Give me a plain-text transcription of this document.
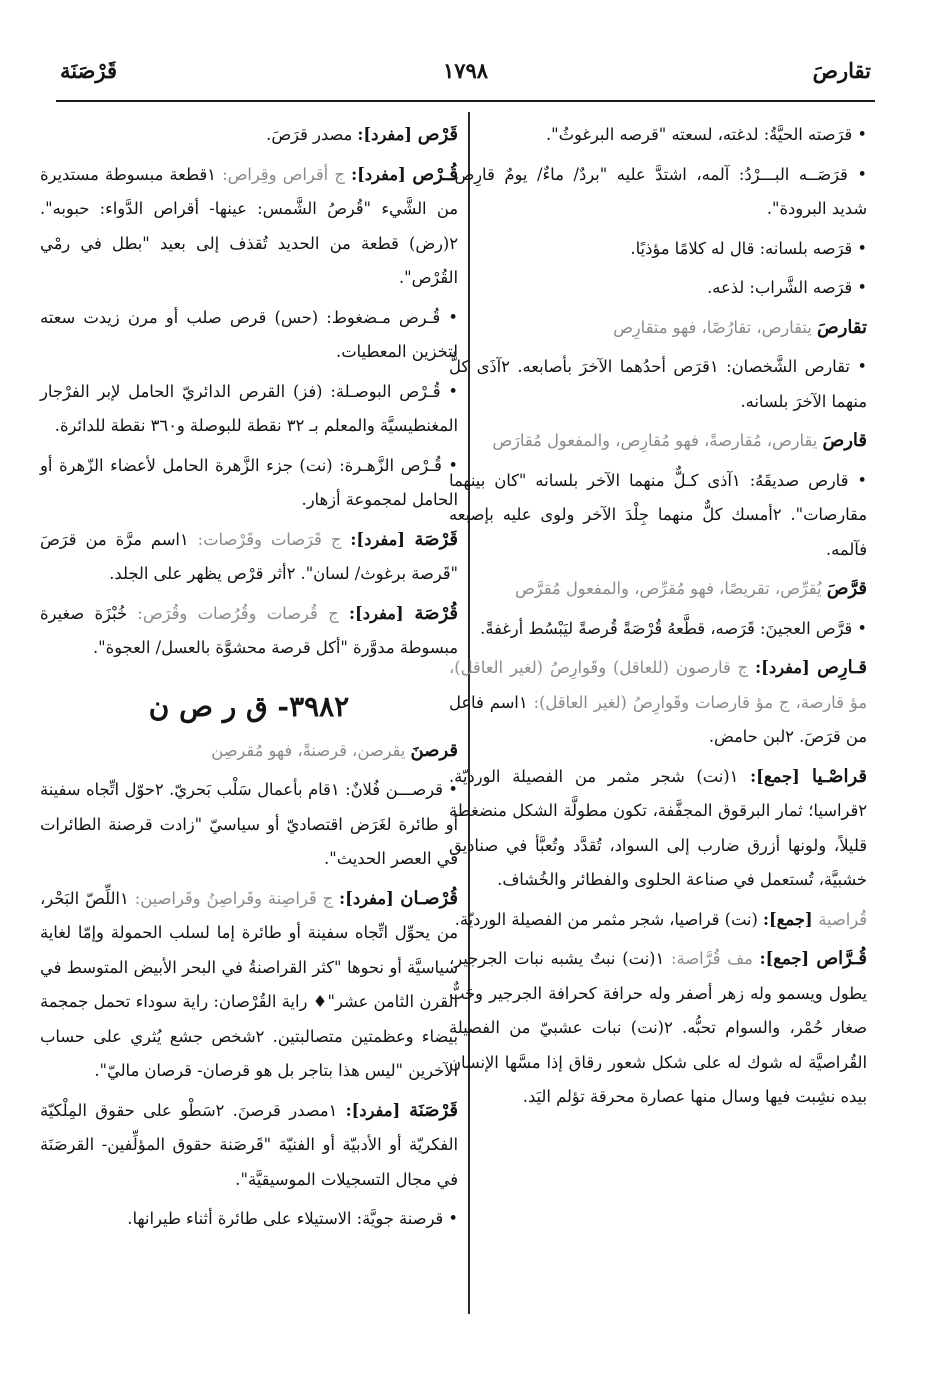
تقارصَ
١٧٩٨
قَرْصَنَة

• قرَصته الحيَّةُ: لدغته، لسعته "قرصه البرغوثُ".

• قرَصَــه البـــرْدُ: آلمه، اشتدَّ عليه "بردٌ/ ماءٌ/ يومٌ قارِص: شديد البرودة".

• قرَصه بلسانه: قال له كلامًا مؤذيًا.

• قرَصه الشَّراب: لذعه.

تقارصَ يتقارص، تقارُصًا، فهو متقارِص

• تقارص الشَّخصان: ١قرَص أحدُهما الآخرَ بأصابعه. ٢آذَى كلٌّ منهما الآخرَ بلسانه.

قارصَ يقارص، مُقارصةً، فهو مُقارِص، والمفعول مُقارَص

• قارص صديقَهُ: ١آذى كـلٌّ منهما الآخر بلسانه "كان بينهما مقارصات". ٢أمسك كلٌّ منهما جِلْدَ الآخر ولوى عليه بإصبعه فآلمه.

قرَّصَ يُقرِّص، تقريصًا، فهو مُقرِّص، والمفعول مُقرَّص

• قرَّص العجينَ: قَرَصه، قطَّعهُ قُرْصَةً قُرصةً ليَبْسُط أرغفةً.

قـارِص [مفرد]: ج قارصون (للعاقل) وقَوارِصُ (لغير العاقل)، مؤ قارصة، ج مؤ قارصات وقَوارِصُ (لغير العاقل): ١اسم فاعل من قرَصَ. ٢لبن حامض.

قراصْـيا [جمع]: ١(نت) شجر مثمر من الفصيلة الورديّة. ٢قراسيا؛ ثمار البرقوق المجفَّفة، تكون مطولَّة الشكل منضغطة قليلاً، ولونها أزرق ضارب إلى السواد، تُقدَّد وتُعبَّأ في صناديق خشبيَّة، تُستعمل في صناعة الحلوى والفطائر والخُشاف.

قُراصية [جمع]: (نت) قراصيا، شجر مثمر من الفصيلة الورديّة.

قُـرَّاص [جمع]: مف قُرَّاصة: ١(نت) نبتٌ يشبه نبات الجرجير، يطول ويسمو وله زهر أصفر وله حرافة كحرافة الجرجير وحَبٌّ صغار حُمْر، والسوام تحبُّه. ٢(نت) نبات عشبيّ من الفصيلة القُراصيَّة له شوك له على شكل شعور رقاق إذا مسَّها الإنسان بيده نشِبت فيها وسال منها عصارة محرقة تؤلم اليَد.

قَرْص [مفرد]: مصدر قرَصَ.

قُـرْص [مفرد]: ج أقراص وقِراص: ١قطعة مبسوطة مستديرة من الشَّيء "قُرصُ الشَّمس: عينها- أقراص الدَّواء: حبوبه". ٢(رض) قطعة من الحديد تُقذف إلى بعيد "بطل في رمْي القُرْص".

• قُـرص مـضغوط: (حس) قرص صلب أو مرن زيدت سعته لتخزين المعطيات.

• قُـرْص البوصـلة: (فز) القرص الدائريّ الحامل لإبر الفرْجار المغنطيسيَّة والمعلم بـ ٣٢ نقطة للبوصلة و٣٦٠ نقطة للدائرة.

• قُـرْص الزَّهـرة: (نت) جزء الزَّهرة الحامل لأعضاء الزّهرة أو الحامل لمجموعة أزهار.

قَرْصَة [مفرد]: ج قَرَصات وقَرْصات: ١اسم مرَّة من قرَصَ "قَرصة برغوث/ لسان". ٢أثر قرْص يظهر على الجلد.

قُرْصَة [مفرد]: ج قُرصات وقُرُصات وقُرَص: خُبْزَة صغيرة مبسوطة مدوَّرة "أكل قرصة محشوَّة بالعسل/ العجوة".

٣٩٨٢- ق ر ص ن

قرصنَ يقرصن، قرصنةً، فهو مُقرصِن

• قرصـــن فُلانٌ: ١قام بأعمال سَلْب بَحريّ. ٢حوّل اتِّجاه سفينة أو طائرة لغَرَض اقتصاديّ أو سياسيّ "زادت قرصنة الطائرات في العصر الحديث".

قُرْصـان [مفرد]: ج قَراصِنة وقَراصِنُ وقَراصين: ١اللِّصّ البَحْر، من يحوِّل اتِّجاه سفينة أو طائرة إما لسلب الحمولة وإمّا لغاية سياسيَّة أو نحوها "كثر القراصنةُ في البحر الأبيض المتوسط في القرن الثامن عشر"♦ راية القُرْصان: راية سوداء تحمل جمجمة بيضاء وعظمتين متصالبتين. ٢شخص جشع يُثري على حساب الآخرين "ليس هذا بتاجر بل هو قرصان- قرصان ماليّ".

قَرْصَنَة [مفرد]: ١مصدر قرصنَ. ٢سَطْو على حقوق المِلْكيّة الفكريّة أو الأدبيّة أو الفنيّة "قَرصَنة حقوق المؤلِّفين- القرصَنَة في مجال التسجيلات الموسيقيَّة".

• قرصنة جويَّة: الاستيلاء على طائرة أثناء طيرانها.
